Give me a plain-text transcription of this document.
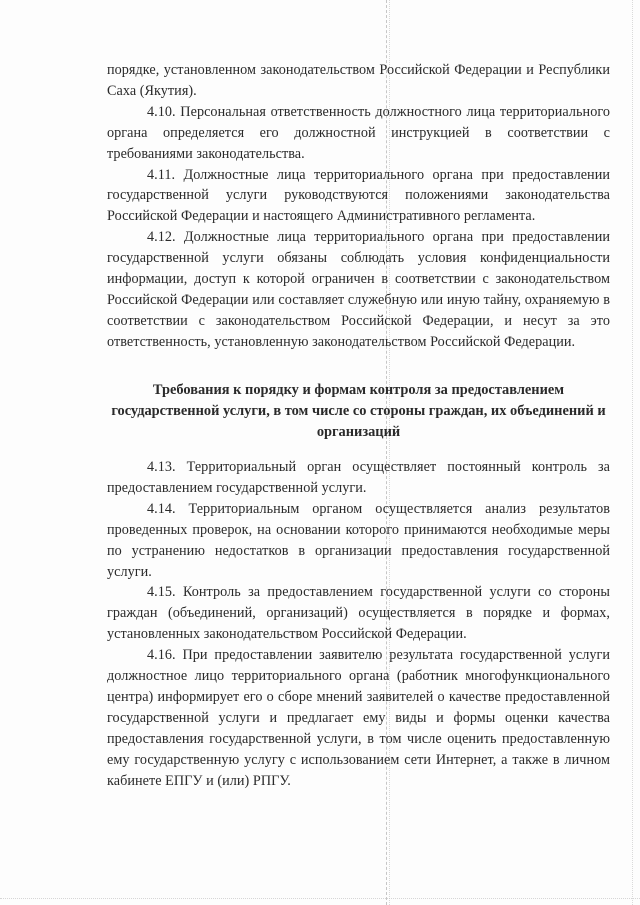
порядке, установленном законодательством Российской Федерации и Республики Саха (Якутия).

4.10. Персональная ответственность должностного лица территориального органа определяется его должностной инструкцией в соответствии с требованиями законодательства.

4.11. Должностные лица территориального органа при предоставлении государственной услуги руководствуются положениями законодательства Российской Федерации и настоящего Административного регламента.

4.12. Должностные лица территориального органа при предоставлении государственной услуги обязаны соблюдать условия конфиденциальности информации, доступ к которой ограничен в соответствии с законодательством Российской Федерации или составляет служебную или иную тайну, охраняемую в соответствии с законодательством Российской Федерации, и несут за это ответственность, установленную законодательством Российской Федерации.

Требования к порядку и формам контроля за предоставлением государственной услуги, в том числе со стороны граждан, их объединений и организаций

4.13. Территориальный орган осуществляет постоянный контроль за предоставлением государственной услуги.

4.14. Территориальным органом осуществляется анализ результатов проведенных проверок, на основании которого принимаются необходимые меры по устранению недостатков в организации предоставления государственной услуги.

4.15. Контроль за предоставлением государственной услуги со стороны граждан (объединений, организаций) осуществляется в порядке и формах, установленных законодательством Российской Федерации.

4.16. При предоставлении заявителю результата государственной услуги должностное лицо территориального органа (работник многофункционального центра) информирует его о сборе мнений заявителей о качестве предоставленной государственной услуги и предлагает ему виды и формы оценки качества предоставления государственной услуги, в том числе оценить предоставленную ему государственную услугу с использованием сети Интернет, а также в личном кабинете ЕПГУ и (или) РПГУ.
